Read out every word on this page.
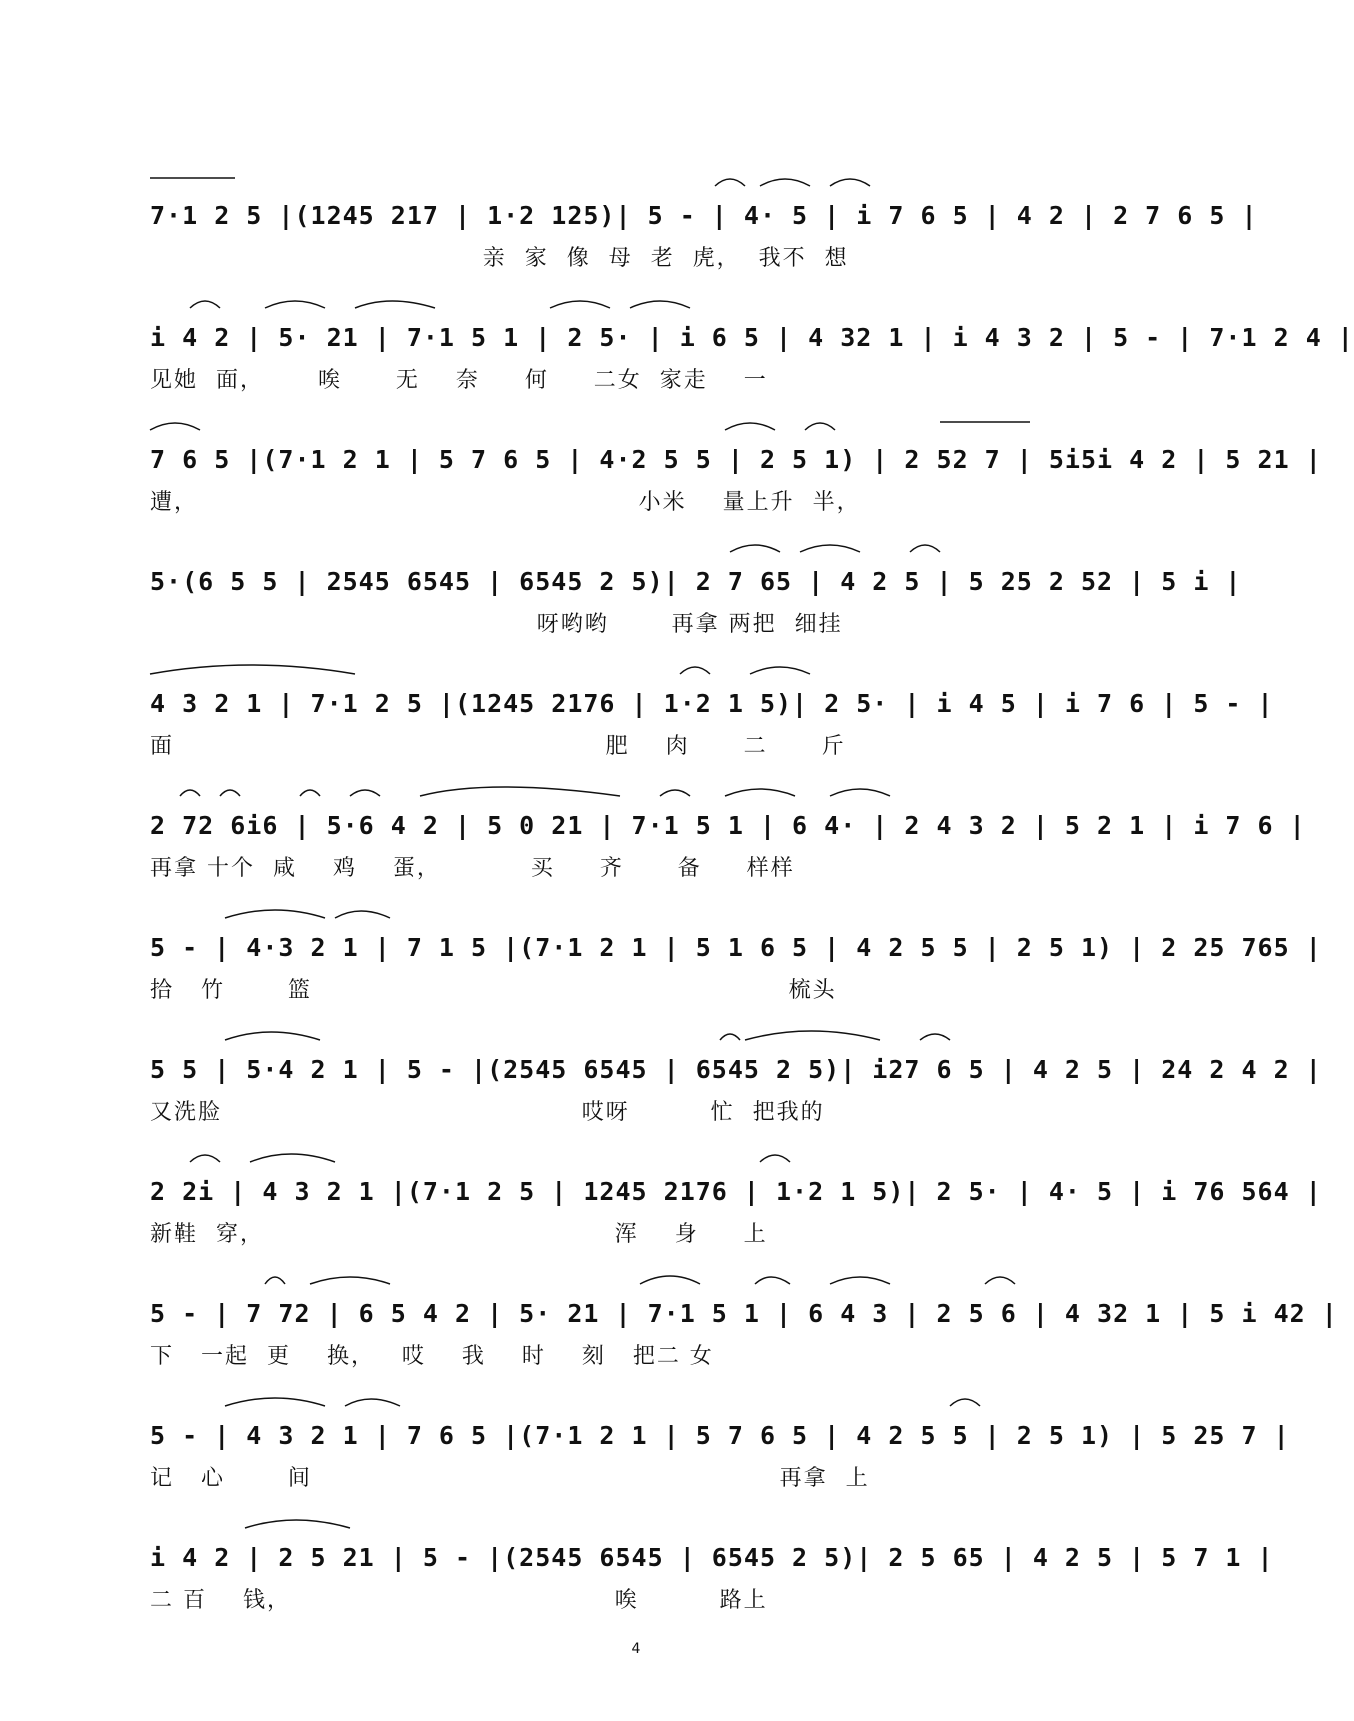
7·1 2 5 |(1245 217 | 1·2 125)| 5 - | 4· 5 | i 7 6 5 | 4 2 | 2 7 6 5 |
亲  家  像  母  老  虎，  我不  想
i 4 2 | 5· 21 | 7·1 5 1 | 2 5· | i 6 5 | 4 32 1 | i 4 3 2 | 5 - | 7·1 2 4 |
见她  面，      唉      无    奈     何     二女  家走    一
7 6 5 |(7·1 2 1 | 5 7 6 5 | 4·2 5 5 | 2 5 1) | 2 52 7 | 5i5i 4 2 | 5 21 |
遭，                                                 小米    量上升  半，
5·(6 5 5 | 2545 6545 | 6545 2 5)| 2 7 65 | 4 2 5 | 5 25 2 52 | 5 i |
呀哟哟       再拿 两把  细挂
4 3 2 1 | 7·1 2 5 |(1245 2176 | 1·2 1 5)| 2 5· | i 4 5 | i 7 6 | 5 - |
面                                                肥    肉      二      斤
2 72 6i6 | 5·6 4 2 | 5 0 21 | 7·1 5 1 | 6 4· | 2 4 3 2 | 5 2 1 | i 7 6 |
再拿 十个  咸    鸡    蛋，          买     齐      备     样样
5 - | 4·3 2 1 | 7 1 5 |(7·1 2 1 | 5 1 6 5 | 4 2 5 5 | 2 5 1) | 2 25 765 |
拾   竹       篮                                                     梳头
5 5 | 5·4 2 1 | 5 - |(2545 6545 | 6545 2 5)| i27 6 5 | 4 2 5 | 24 2 4 2 |
又洗脸                                        哎呀         忙  把我的
2 2i | 4 3 2 1 |(7·1 2 5 | 1245 2176 | 1·2 1 5)| 2 5· | 4· 5 | i 76 564 |
新鞋  穿，                                       浑    身     上
5 - | 7 72 | 6 5 4 2 | 5· 21 | 7·1 5 1 | 6 4 3 | 2 5 6 | 4 32 1 | 5 i 42 |
下   一起  更    换，   哎    我    时    刻   把二 女
5 - | 4 3 2 1 | 7 6 5 |(7·1 2 1 | 5 7 6 5 | 4 2 5 5 | 2 5 1) | 5 25 7 |
记   心       间                                                    再拿  上
i 4 2 | 2 5 21 | 5 - |(2545 6545 | 6545 2 5)| 2 5 65 | 4 2 5 | 5 7 1 |
二 百    钱，                                    唉         路上
4
